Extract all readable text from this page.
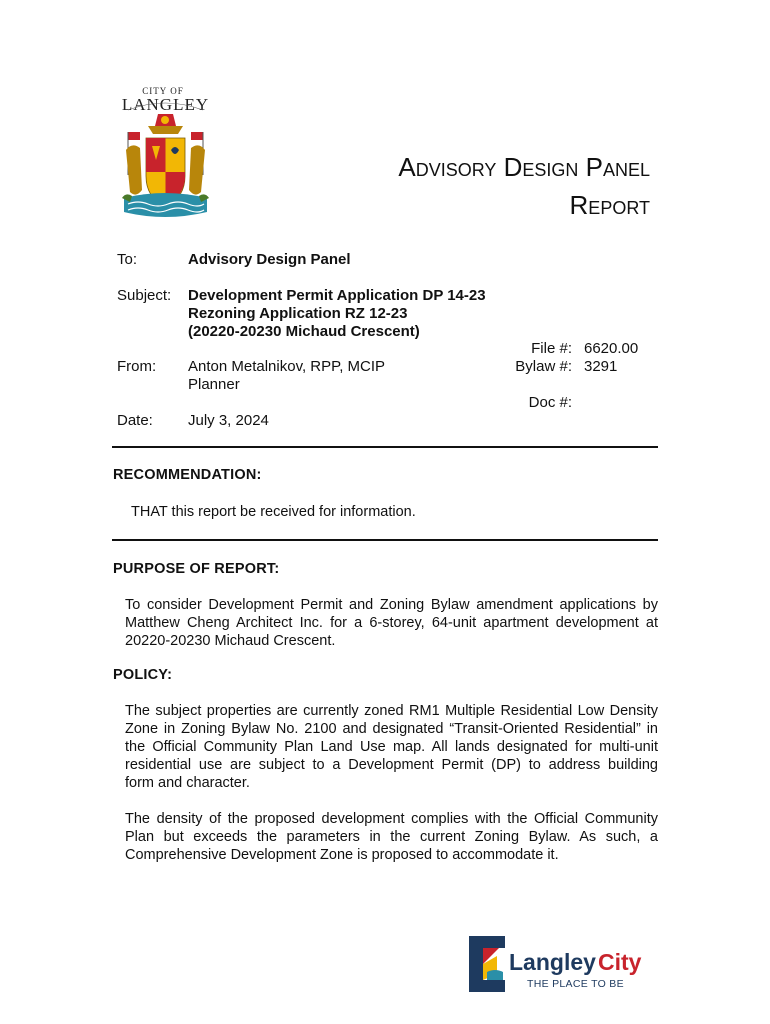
CITY OF
LANGLEY
Advisory Design Panel
Report
To:	Advisory Design Panel
Subject: Development Permit Application DP 14-23
Rezoning Application RZ 12-23
(20220-20230 Michaud Crescent)
From: Anton Metalnikov, RPP, MCIP
Planner
Date: July 3, 2024
File #: 6620.00
Bylaw #: 3291
Doc #:
RECOMMENDATION:
THAT this report be received for information.
PURPOSE OF REPORT:
To consider Development Permit and Zoning Bylaw amendment applications by
Matthew Cheng Architect Inc. for a 6-storey, 64-unit apartment development at
20220-20230 Michaud Crescent.
POLICY:
The subject properties are currently zoned RM1 Multiple Residential Low Density
Zone in Zoning Bylaw No. 2100 and designated “Transit-Oriented Residential” in
the Official Community Plan Land Use map. All lands designated for multi-unit
residential use are subject to a Development Permit (DP) to address building
form and character.
The density of the proposed development complies with the Official Community
Plan but exceeds the parameters in the current Zoning Bylaw. As such, a
Comprehensive Development Zone is proposed to accommodate it.
Langley City
THE PLACE TO BE
